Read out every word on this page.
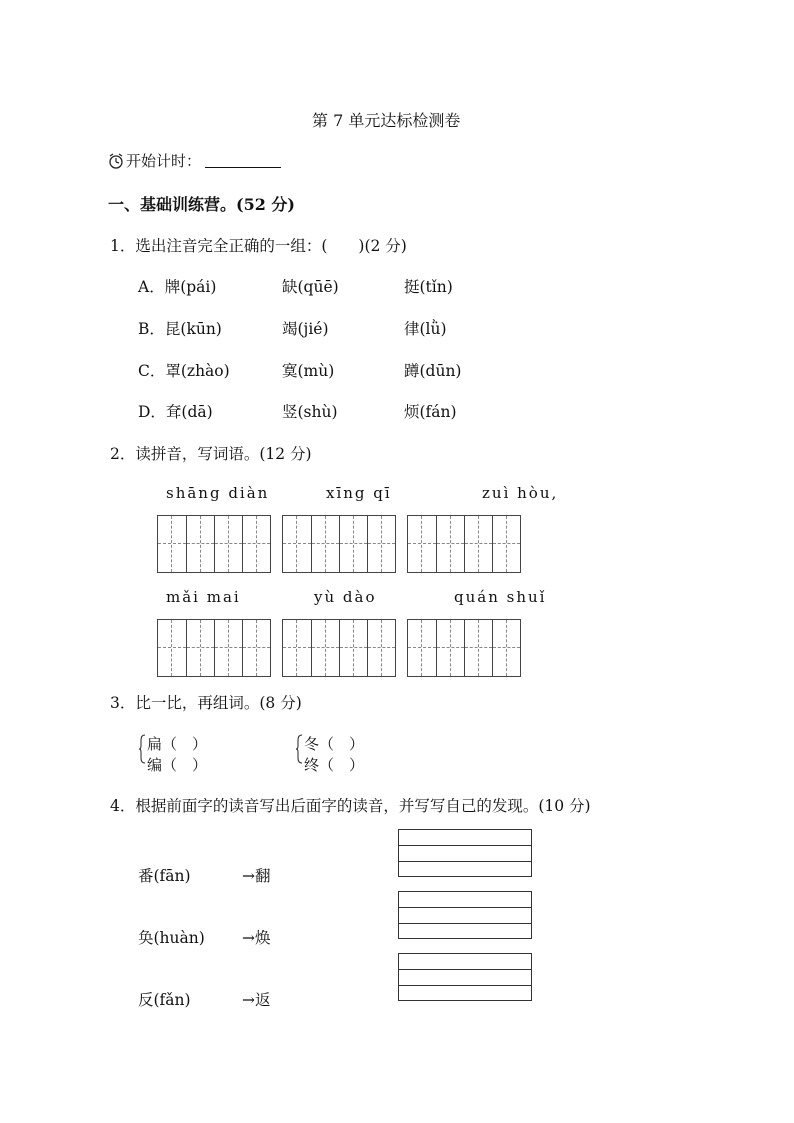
第 7 单元达标检测卷
开始计时：
一、基础训练营。(52 分)
1．选出注音完全正确的一组：(　　)(2 分)
A．牌(pái)	缺(qūē)	挺(tǐn)
B．昆(kūn)	竭(jié)	律(lǜ)
C．罩(zhào)	寞(mù)	蹲(dūn)
D．耷(dā)	竖(shù)	烦(fán)
2．读拼音，写词语。(12 分)
shāng diàn	xīng qī	zuì hòu,
mǎi mai	yù dào	quán shuǐ
3．比一比，再组词。(8 分)
扁（　）
编（　）
冬（　）
终（　）
4．根据前面字的读音写出后面字的读音，并写写自己的发现。(10 分)
番(fān)	→翻
奂(huàn) →焕
反(fǎn)	→返
